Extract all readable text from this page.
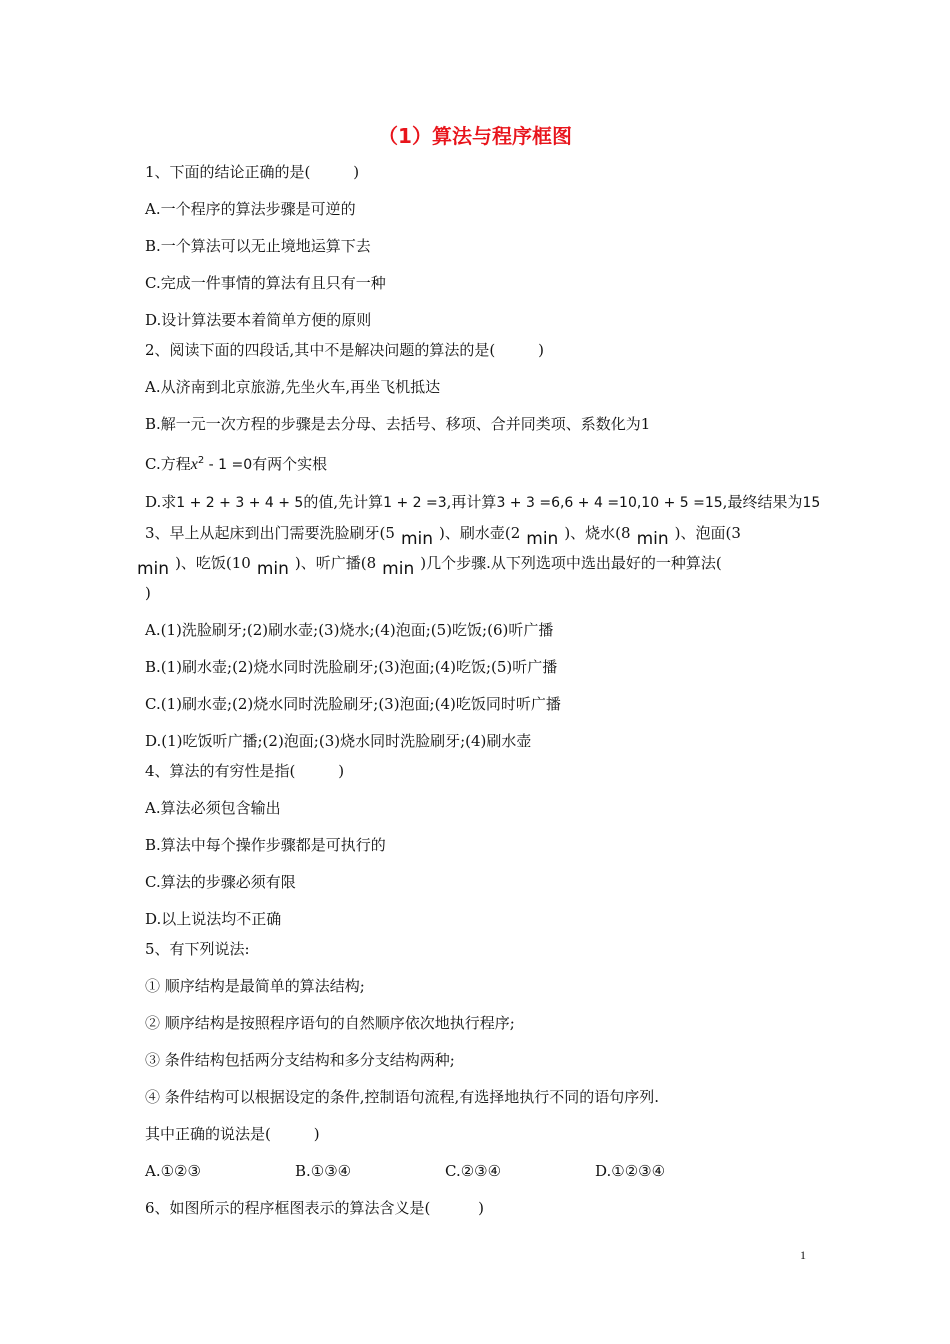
（1）算法与程序框图
1、下面的结论正确的是(         )
A.一个程序的算法步骤是可逆的
B.一个算法可以无止境地运算下去
C.完成一件事情的算法有且只有一种
D.设计算法要本着简单方便的原则
2、阅读下面的四段话,其中不是解决问题的算法的是(         )
A.从济南到北京旅游,先坐火车,再坐飞机抵达
B.解一元一次方程的步骤是去分母、去括号、移项、合并同类项、系数化为1
C.方程$x^2 - 1 =0$有两个实根
D.求1 + 2 + 3 + 4 + 5的值,先计算1 + 2 =3,再计算3 + 3 =6,6 + 4 =10,10 + 5 =15,最终结果为15
3、早上从起床到出门需要洗脸刷牙(5 min )、刷水壶(2 min )、烧水(8 min )、泡面(3
min )、吃饭(10 min )、听广播(8 min )几个步骤.从下列选项中选出最好的一种算法(
)
A.(1)洗脸刷牙;(2)刷水壶;(3)烧水;(4)泡面;(5)吃饭;(6)听广播
B.(1)刷水壶;(2)烧水同时洗脸刷牙;(3)泡面;(4)吃饭;(5)听广播
C.(1)刷水壶;(2)烧水同时洗脸刷牙;(3)泡面;(4)吃饭同时听广播
D.(1)吃饭听广播;(2)泡面;(3)烧水同时洗脸刷牙;(4)刷水壶
4、算法的有穷性是指(         )
A.算法必须包含输出
B.算法中每个操作步骤都是可执行的
C.算法的步骤必须有限
D.以上说法均不正确
5、有下列说法:
① 顺序结构是最简单的算法结构;
② 顺序结构是按照程序语句的自然顺序依次地执行程序;
③ 条件结构包括两分支结构和多分支结构两种;
④ 条件结构可以根据设定的条件,控制语句流程,有选择地执行不同的语句序列.
其中正确的说法是(         )
A.①②③	B.①③④	C.②③④	D.①②③④
6、如图所示的程序框图表示的算法含义是(          )
1
